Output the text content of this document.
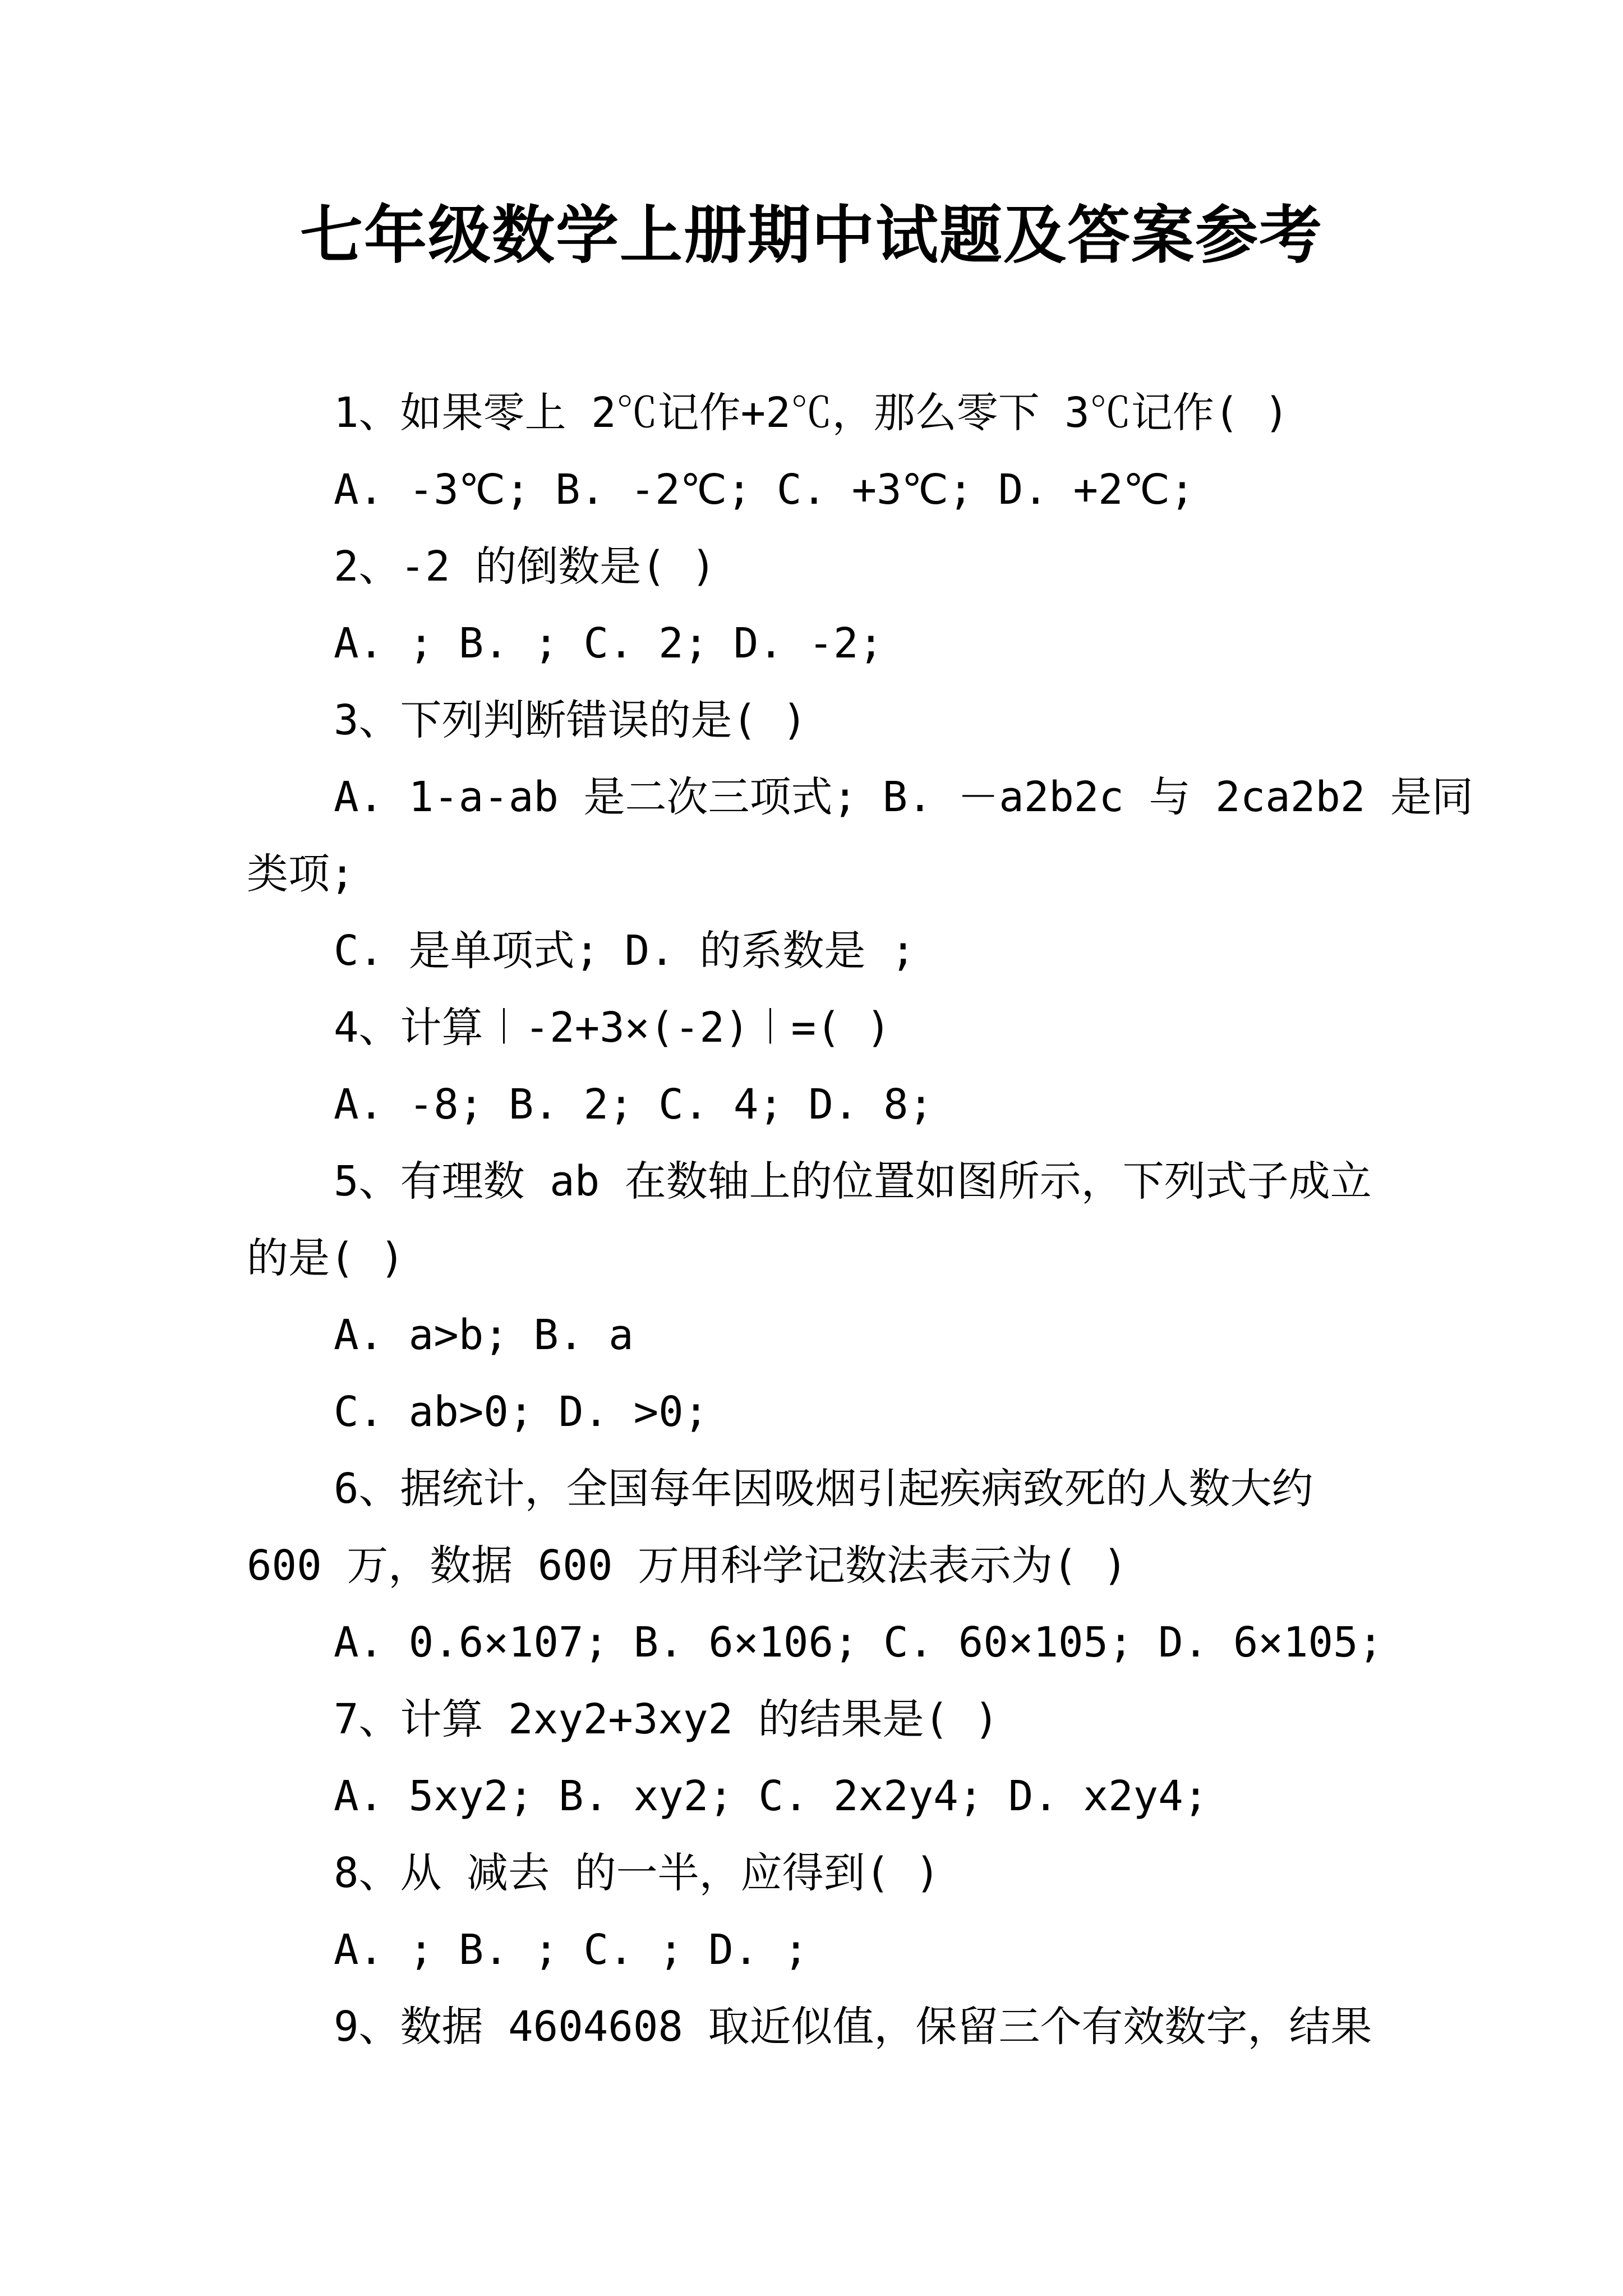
七年级数学上册期中试题及答案参考
1、如果零上 2℃记作+2℃，那么零下 3℃记作( )
A. -3℃; B. -2℃; C. +3℃; D. +2℃;
2、-2 的倒数是( )
A. ; B. ; C. 2; D. -2;
3、下列判断错误的是( )
A. 1-a-ab 是二次三项式; B. －a2b2c 与 2ca2b2 是同
类项;
C. 是单项式; D. 的系数是 ;
4、计算︱-2+3×(-2)︱=( )
A. -8; B. 2; C. 4; D. 8;
5、有理数 ab 在数轴上的位置如图所示，下列式子成立
的是( )
A. a>b; B. a
C. ab>0; D. >0;
6、据统计，全国每年因吸烟引起疾病致死的人数大约
600 万，数据 600 万用科学记数法表示为( )
A. 0.6×107; B. 6×106; C. 60×105; D. 6×105;
7、计算 2xy2+3xy2 的结果是( )
A. 5xy2; B. xy2; C. 2x2y4; D. x2y4;
8、从 减去 的一半，应得到( )
A. ; B. ; C. ; D. ;
9、数据 4604608 取近似值，保留三个有效数字，结果
